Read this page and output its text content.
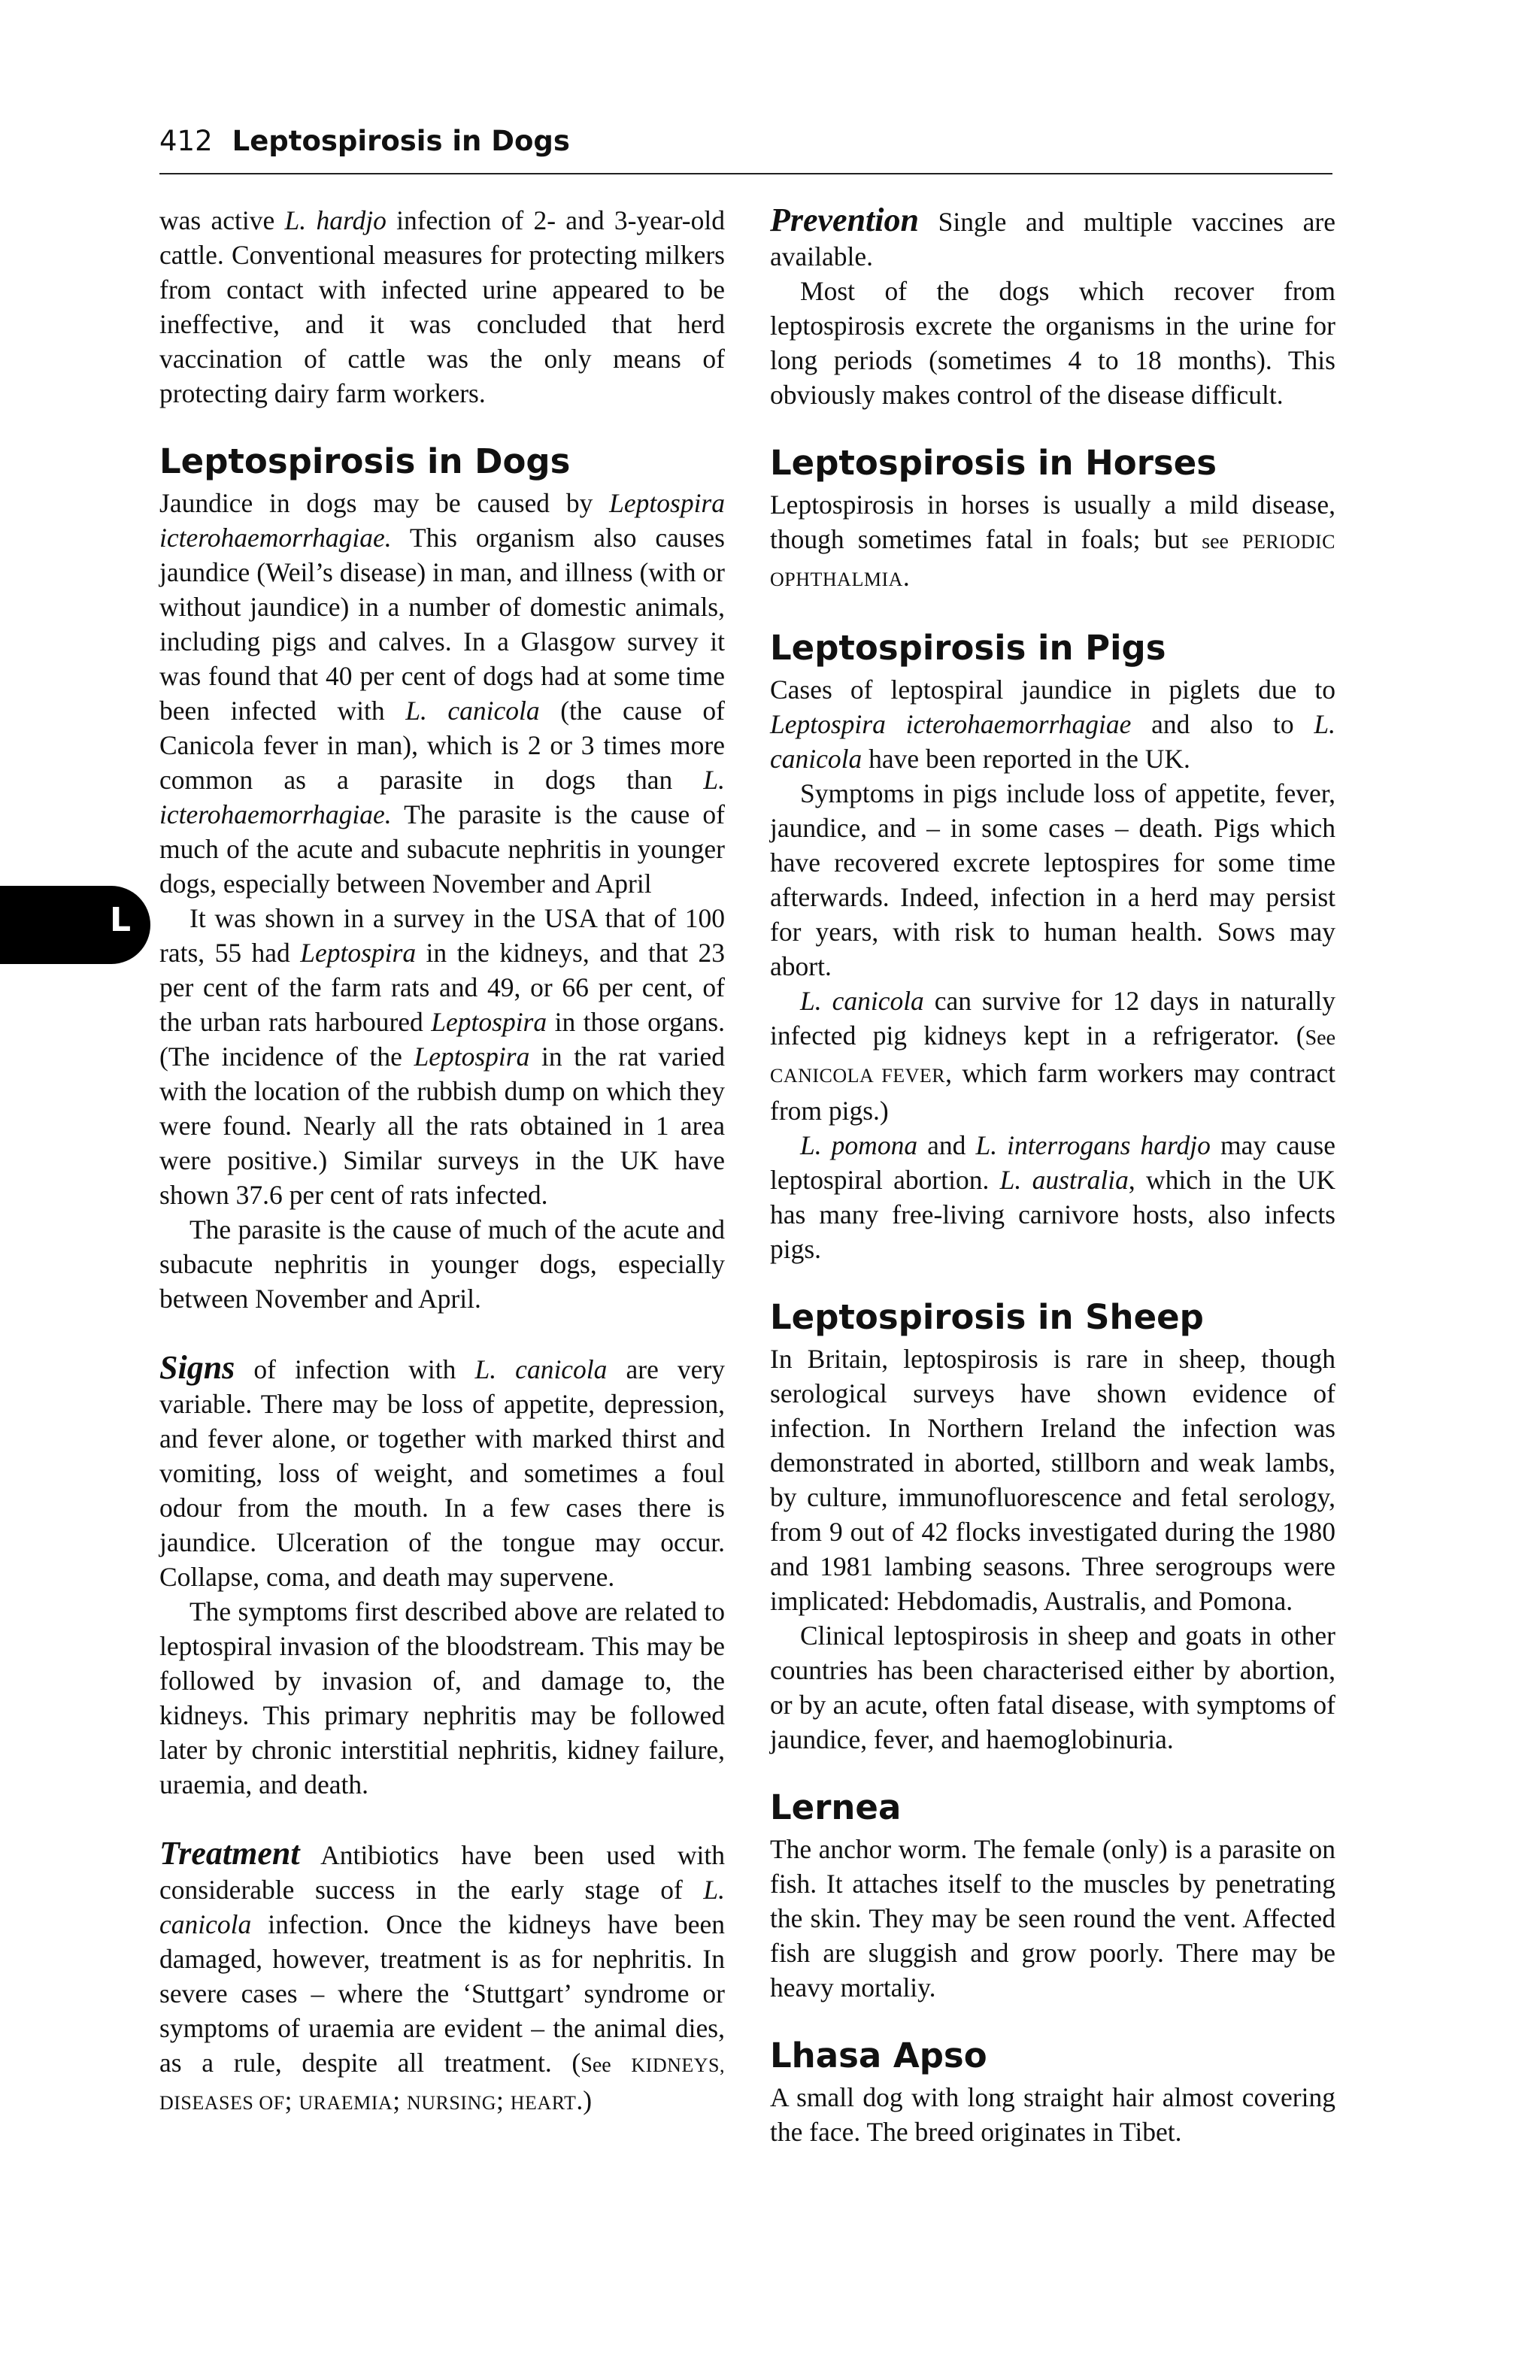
412 Leptospirosis in Dogs
L

was active L. hardjo infection of 2- and 3-year-old cattle. Conventional measures for protecting milkers from contact with infected urine appeared to be ineffective, and it was concluded that herd vaccination of cattle was the only means of protecting dairy farm workers.

Leptospirosis in Dogs

Jaundice in dogs may be caused by Leptospira icterohaemorrhagiae. This organism also causes jaundice (Weil’s disease) in man, and illness (with or without jaundice) in a number of domestic animals, including pigs and calves. In a Glasgow survey it was found that 40 per cent of dogs had at some time been infected with L. canicola (the cause of Canicola fever in man), which is 2 or 3 times more common as a parasite in dogs than L. icterohaemorrhagiae. The parasite is the cause of much of the acute and subacute nephritis in younger dogs, especially between November and April

It was shown in a survey in the USA that of 100 rats, 55 had Leptospira in the kidneys, and that 23 per cent of the farm rats and 49, or 66 per cent, of the urban rats harboured Leptospira in those organs. (The incidence of the Leptospira in the rat varied with the location of the rubbish dump on which they were found. Nearly all the rats obtained in 1 area were positive.) Similar surveys in the UK have shown 37.6 per cent of rats infected.

The parasite is the cause of much of the acute and subacute nephritis in younger dogs, especially between November and April.

Signs of infection with L. canicola are very variable. There may be loss of appetite, depression, and fever alone, or together with marked thirst and vomiting, loss of weight, and sometimes a foul odour from the mouth. In a few cases there is jaundice. Ulceration of the tongue may occur. Collapse, coma, and death may supervene.

The symptoms first described above are related to leptospiral invasion of the bloodstream. This may be followed by invasion of, and damage to, the kidneys. This primary nephritis may be followed later by chronic interstitial nephritis, kidney failure, uraemia, and death.

Treatment Antibiotics have been used with considerable success in the early stage of L. canicola infection. Once the kidneys have been damaged, however, treatment is as for nephritis. In severe cases – where the ‘Stuttgart’ syndrome or symptoms of uraemia are evident – the animal dies, as a rule, despite all treatment. (See KIDNEYS, DISEASES OF; URAEMIA; NURSING; HEART.)

Prevention Single and multiple vaccines are available.

Most of the dogs which recover from leptospirosis excrete the organisms in the urine for long periods (sometimes 4 to 18 months). This obviously makes control of the disease difficult.

Leptospirosis in Horses

Leptospirosis in horses is usually a mild disease, though sometimes fatal in foals; but see PERIODIC OPHTHALMIA.

Leptospirosis in Pigs

Cases of leptospiral jaundice in piglets due to Leptospira icterohaemorrhagiae and also to L. canicola have been reported in the UK.

Symptoms in pigs include loss of appetite, fever, jaundice, and – in some cases – death. Pigs which have recovered excrete leptospires for some time afterwards. Indeed, infection in a herd may persist for years, with risk to human health. Sows may abort.

L. canicola can survive for 12 days in naturally infected pig kidneys kept in a refrigerator. (See CANICOLA FEVER, which farm workers may contract from pigs.)

L. pomona and L. interrogans hardjo may cause leptospiral abortion. L. australia, which in the UK has many free-living carnivore hosts, also infects pigs.

Leptospirosis in Sheep

In Britain, leptospirosis is rare in sheep, though serological surveys have shown evidence of infection. In Northern Ireland the infection was demonstrated in aborted, stillborn and weak lambs, by culture, immunofluorescence and fetal serology, from 9 out of 42 flocks investigated during the 1980 and 1981 lambing seasons. Three serogroups were implicated: Hebdomadis, Australis, and Pomona.

Clinical leptospirosis in sheep and goats in other countries has been characterised either by abortion, or by an acute, often fatal disease, with symptoms of jaundice, fever, and haemoglobinuria.

Lernea

The anchor worm. The female (only) is a parasite on fish. It attaches itself to the muscles by penetrating the skin. They may be seen round the vent. Affected fish are sluggish and grow poorly. There may be heavy mortaliy.

Lhasa Apso

A small dog with long straight hair almost covering the face. The breed originates in Tibet.
